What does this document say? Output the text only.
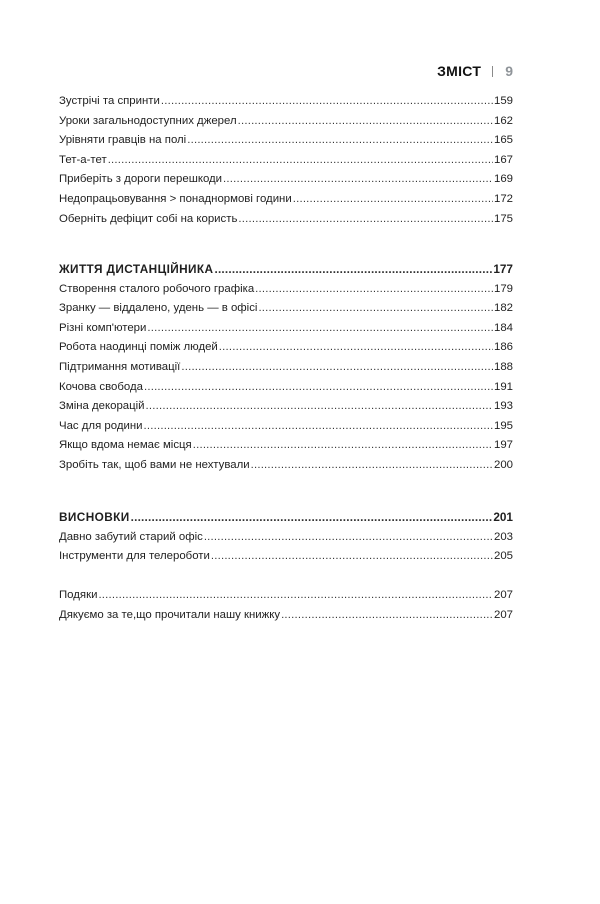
ЗМІСТ 9
Зустрічі та спринти .....	159
Уроки загальнодоступних джерел .....	162
Урівняти гравців на полі .....	165
Тет-а-тет .....	167
Приберіть з дороги перешкоди .....	169
Недопрацьовування > понаднормові години .....	172
Оберніть дефіцит собі на користь .....	175
ЖИТТЯ ДИСТАНЦІЙНИКА .....	177
Створення сталого робочого графіка .....	179
Зранку — віддалено, удень — в офісі .....	182
Різні комп'ютери .....	184
Робота наодинці поміж людей .....	186
Підтримання мотивації .....	188
Кочова свобода .....	191
Зміна декорацій .....	193
Час для родини .....	195
Якщо вдома немає місця .....	197
Зробіть так, щоб вами не нехтували .....	200
ВИСНОВКИ .....	201
Давно забутий старий офіс .....	203
Інструменти для телероботи .....	205
Подяки .....	207
Дякуємо за те,що прочитали нашу книжку .....	207
